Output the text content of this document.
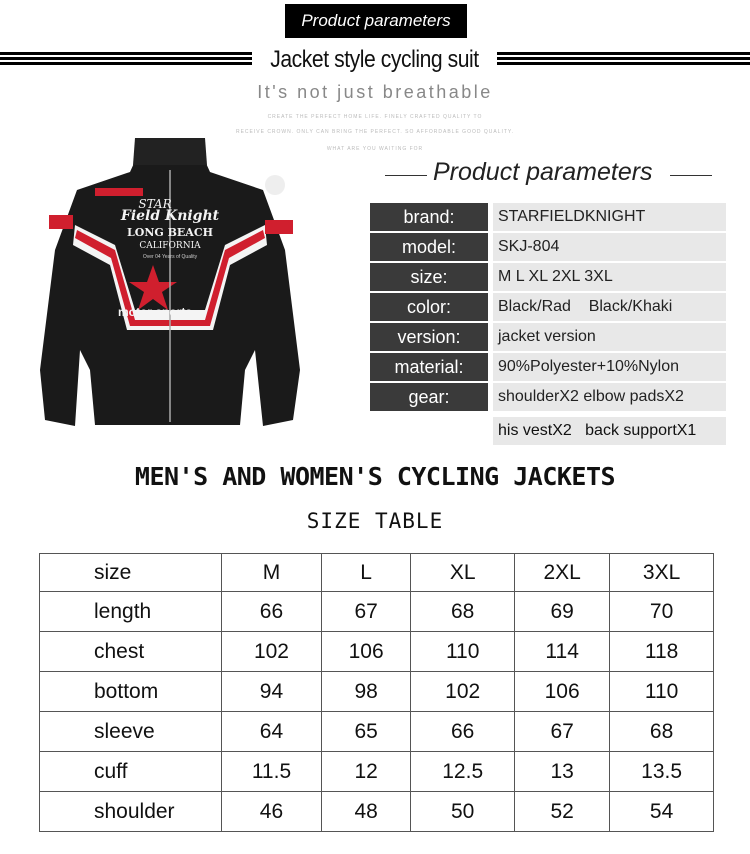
Product parameters
Jacket style cycling suit
It's not just breathable
CREATE THE PERFECT HOME LIFE. FINELY CRAFTED QUALITY TO
RECEIVE CROWN. ONLY CAN BRING THE PERFECT. SO AFFORDABLE GOOD QUALITY.
WHAT ARE YOU WAITING FOR
Field Knight
STAR
LONG BEACH
CALIFORNIA
Over 04 Years of Quality
motor sports
Product parameters
brand:	STARFIELDKNIGHT
model:	SKJ-804
size:	M L XL 2XL 3XL
color:	Black/Rad    Black/Khaki
version:	jacket version
material:	90%Polyester+10%Nylon
gear:	shoulderX2 elbow padsX2
his vestX2   back supportX1
MEN'S AND WOMEN'S CYCLING JACKETS
SIZE TABLE
size	M	L	XL	2XL	3XL
length	66	67	68	69	70
chest	102	106	110	114	118
bottom	94	98	102	106	110
sleeve	64	65	66	67	68
cuff	11.5	12	12.5	13	13.5
shoulder	46	48	50	52	54
